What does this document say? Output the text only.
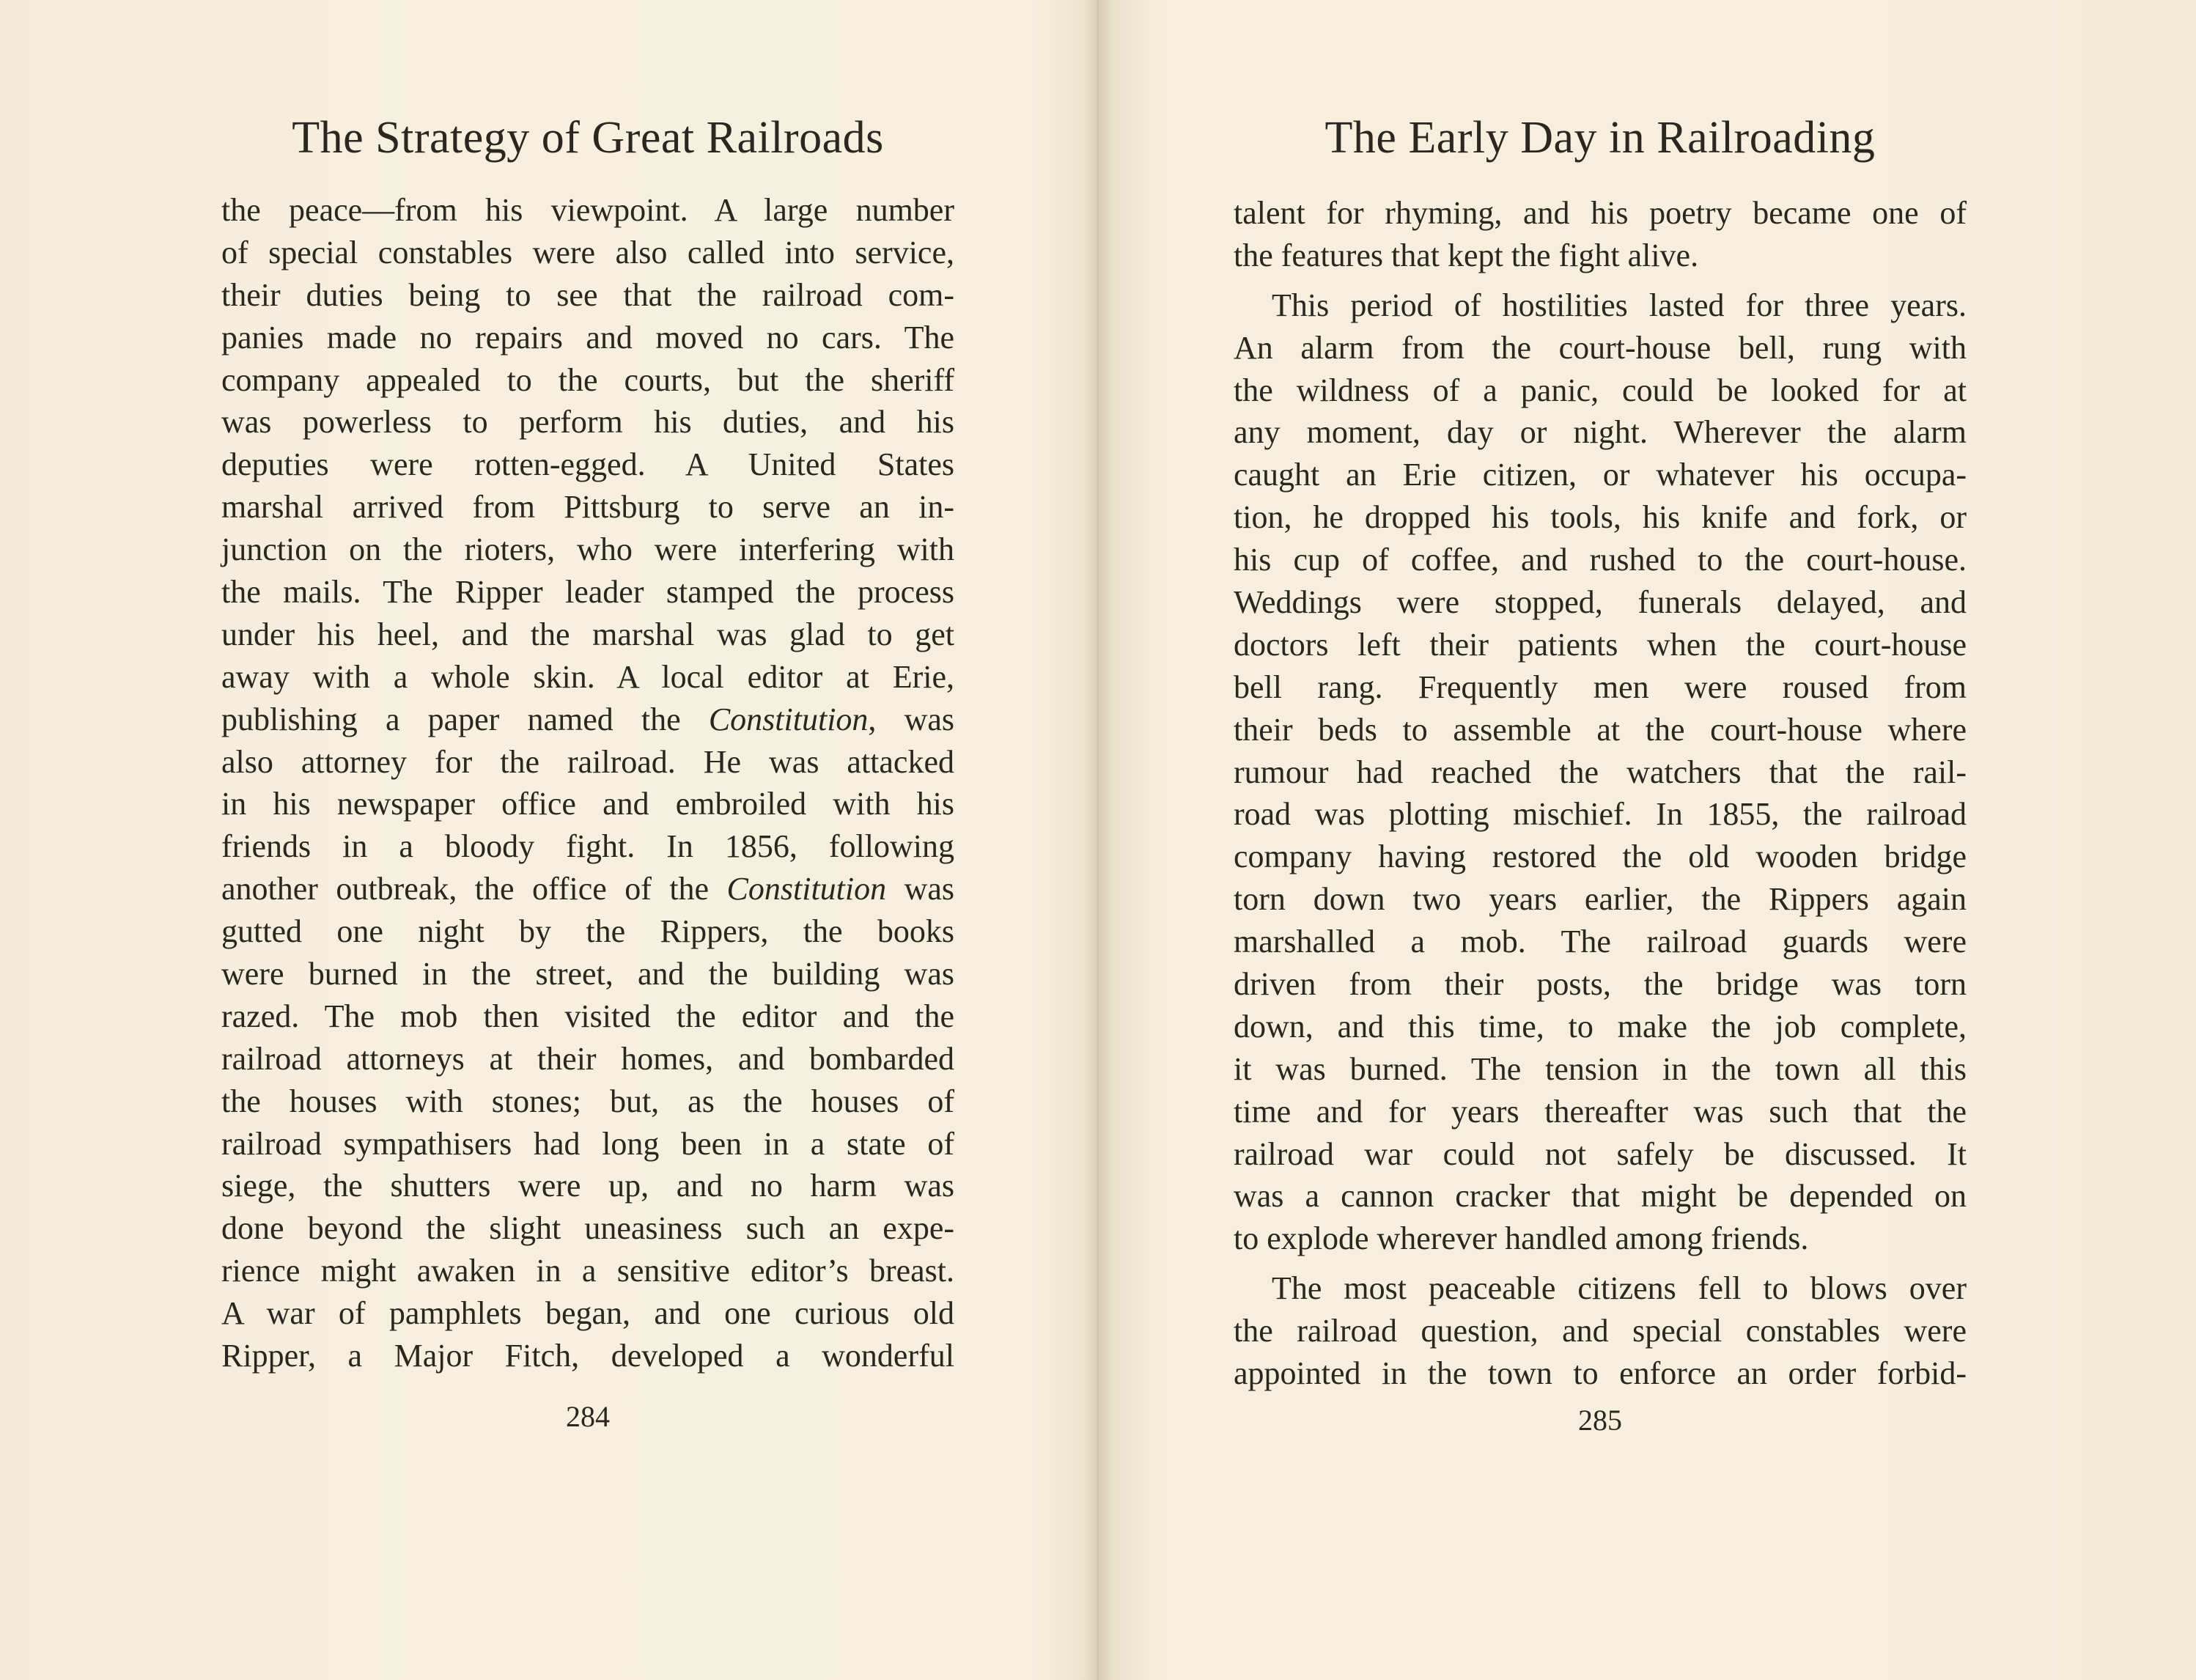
The Strategy of Great Railroads
the peace—from his viewpoint. A large number
of special constables were also called into service,
their duties being to see that the railroad com-
panies made no repairs and moved no cars. The
company appealed to the courts, but the sheriff
was powerless to perform his duties, and his
deputies were rotten-egged. A United States
marshal arrived from Pittsburg to serve an in-
junction on the rioters, who were interfering with
the mails. The Ripper leader stamped the process
under his heel, and the marshal was glad to get
away with a whole skin. A local editor at Erie,
publishing a paper named the Constitution, was
also attorney for the railroad. He was attacked
in his newspaper office and embroiled with his
friends in a bloody fight. In 1856, following
another outbreak, the office of the Constitution was
gutted one night by the Rippers, the books
were burned in the street, and the building was
razed. The mob then visited the editor and the
railroad attorneys at their homes, and bombarded
the houses with stones; but, as the houses of
railroad sympathisers had long been in a state of
siege, the shutters were up, and no harm was
done beyond the slight uneasiness such an expe-
rience might awaken in a sensitive editor’s breast.
A war of pamphlets began, and one curious old
Ripper, a Major Fitch, developed a wonderful
284
The Early Day in Railroading
talent for rhyming, and his poetry became one of
the features that kept the fight alive.
This period of hostilities lasted for three years.
An alarm from the court-house bell, rung with
the wildness of a panic, could be looked for at
any moment, day or night. Wherever the alarm
caught an Erie citizen, or whatever his occupa-
tion, he dropped his tools, his knife and fork, or
his cup of coffee, and rushed to the court-house.
Weddings were stopped, funerals delayed, and
doctors left their patients when the court-house
bell rang. Frequently men were roused from
their beds to assemble at the court-house where
rumour had reached the watchers that the rail-
road was plotting mischief. In 1855, the railroad
company having restored the old wooden bridge
torn down two years earlier, the Rippers again
marshalled a mob. The railroad guards were
driven from their posts, the bridge was torn
down, and this time, to make the job complete,
it was burned. The tension in the town all this
time and for years thereafter was such that the
railroad war could not safely be discussed. It
was a cannon cracker that might be depended on
to explode wherever handled among friends.
The most peaceable citizens fell to blows over
the railroad question, and special constables were
appointed in the town to enforce an order forbid-
285
